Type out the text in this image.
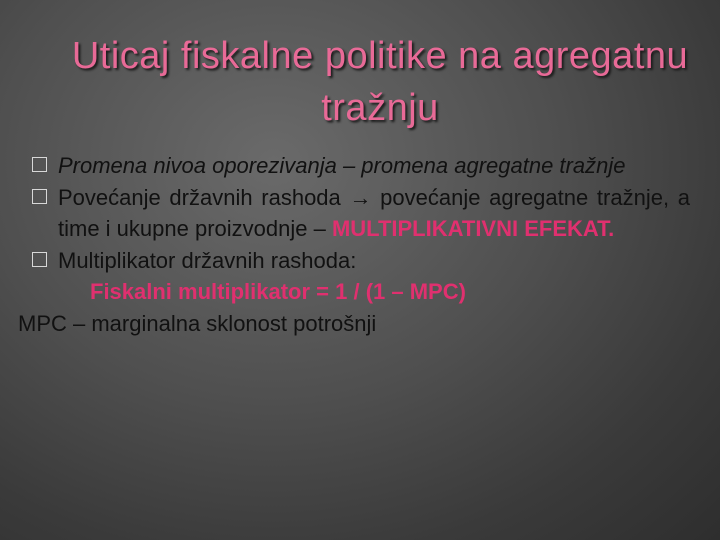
Uticaj fiskalne politike na agregatnu tražnju
Promena nivoa oporezivanja – promena agregatne tražnje
Povećanje državnih rashoda → povećanje agregatne tražnje, a time i ukupne proizvodnje – MULTIPLIKATIVNI EFEKAT.
Multiplikator državnih rashoda:
Fiskalni multiplikator = 1 / (1 – MPC)
MPC – marginalna sklonost potrošnji
